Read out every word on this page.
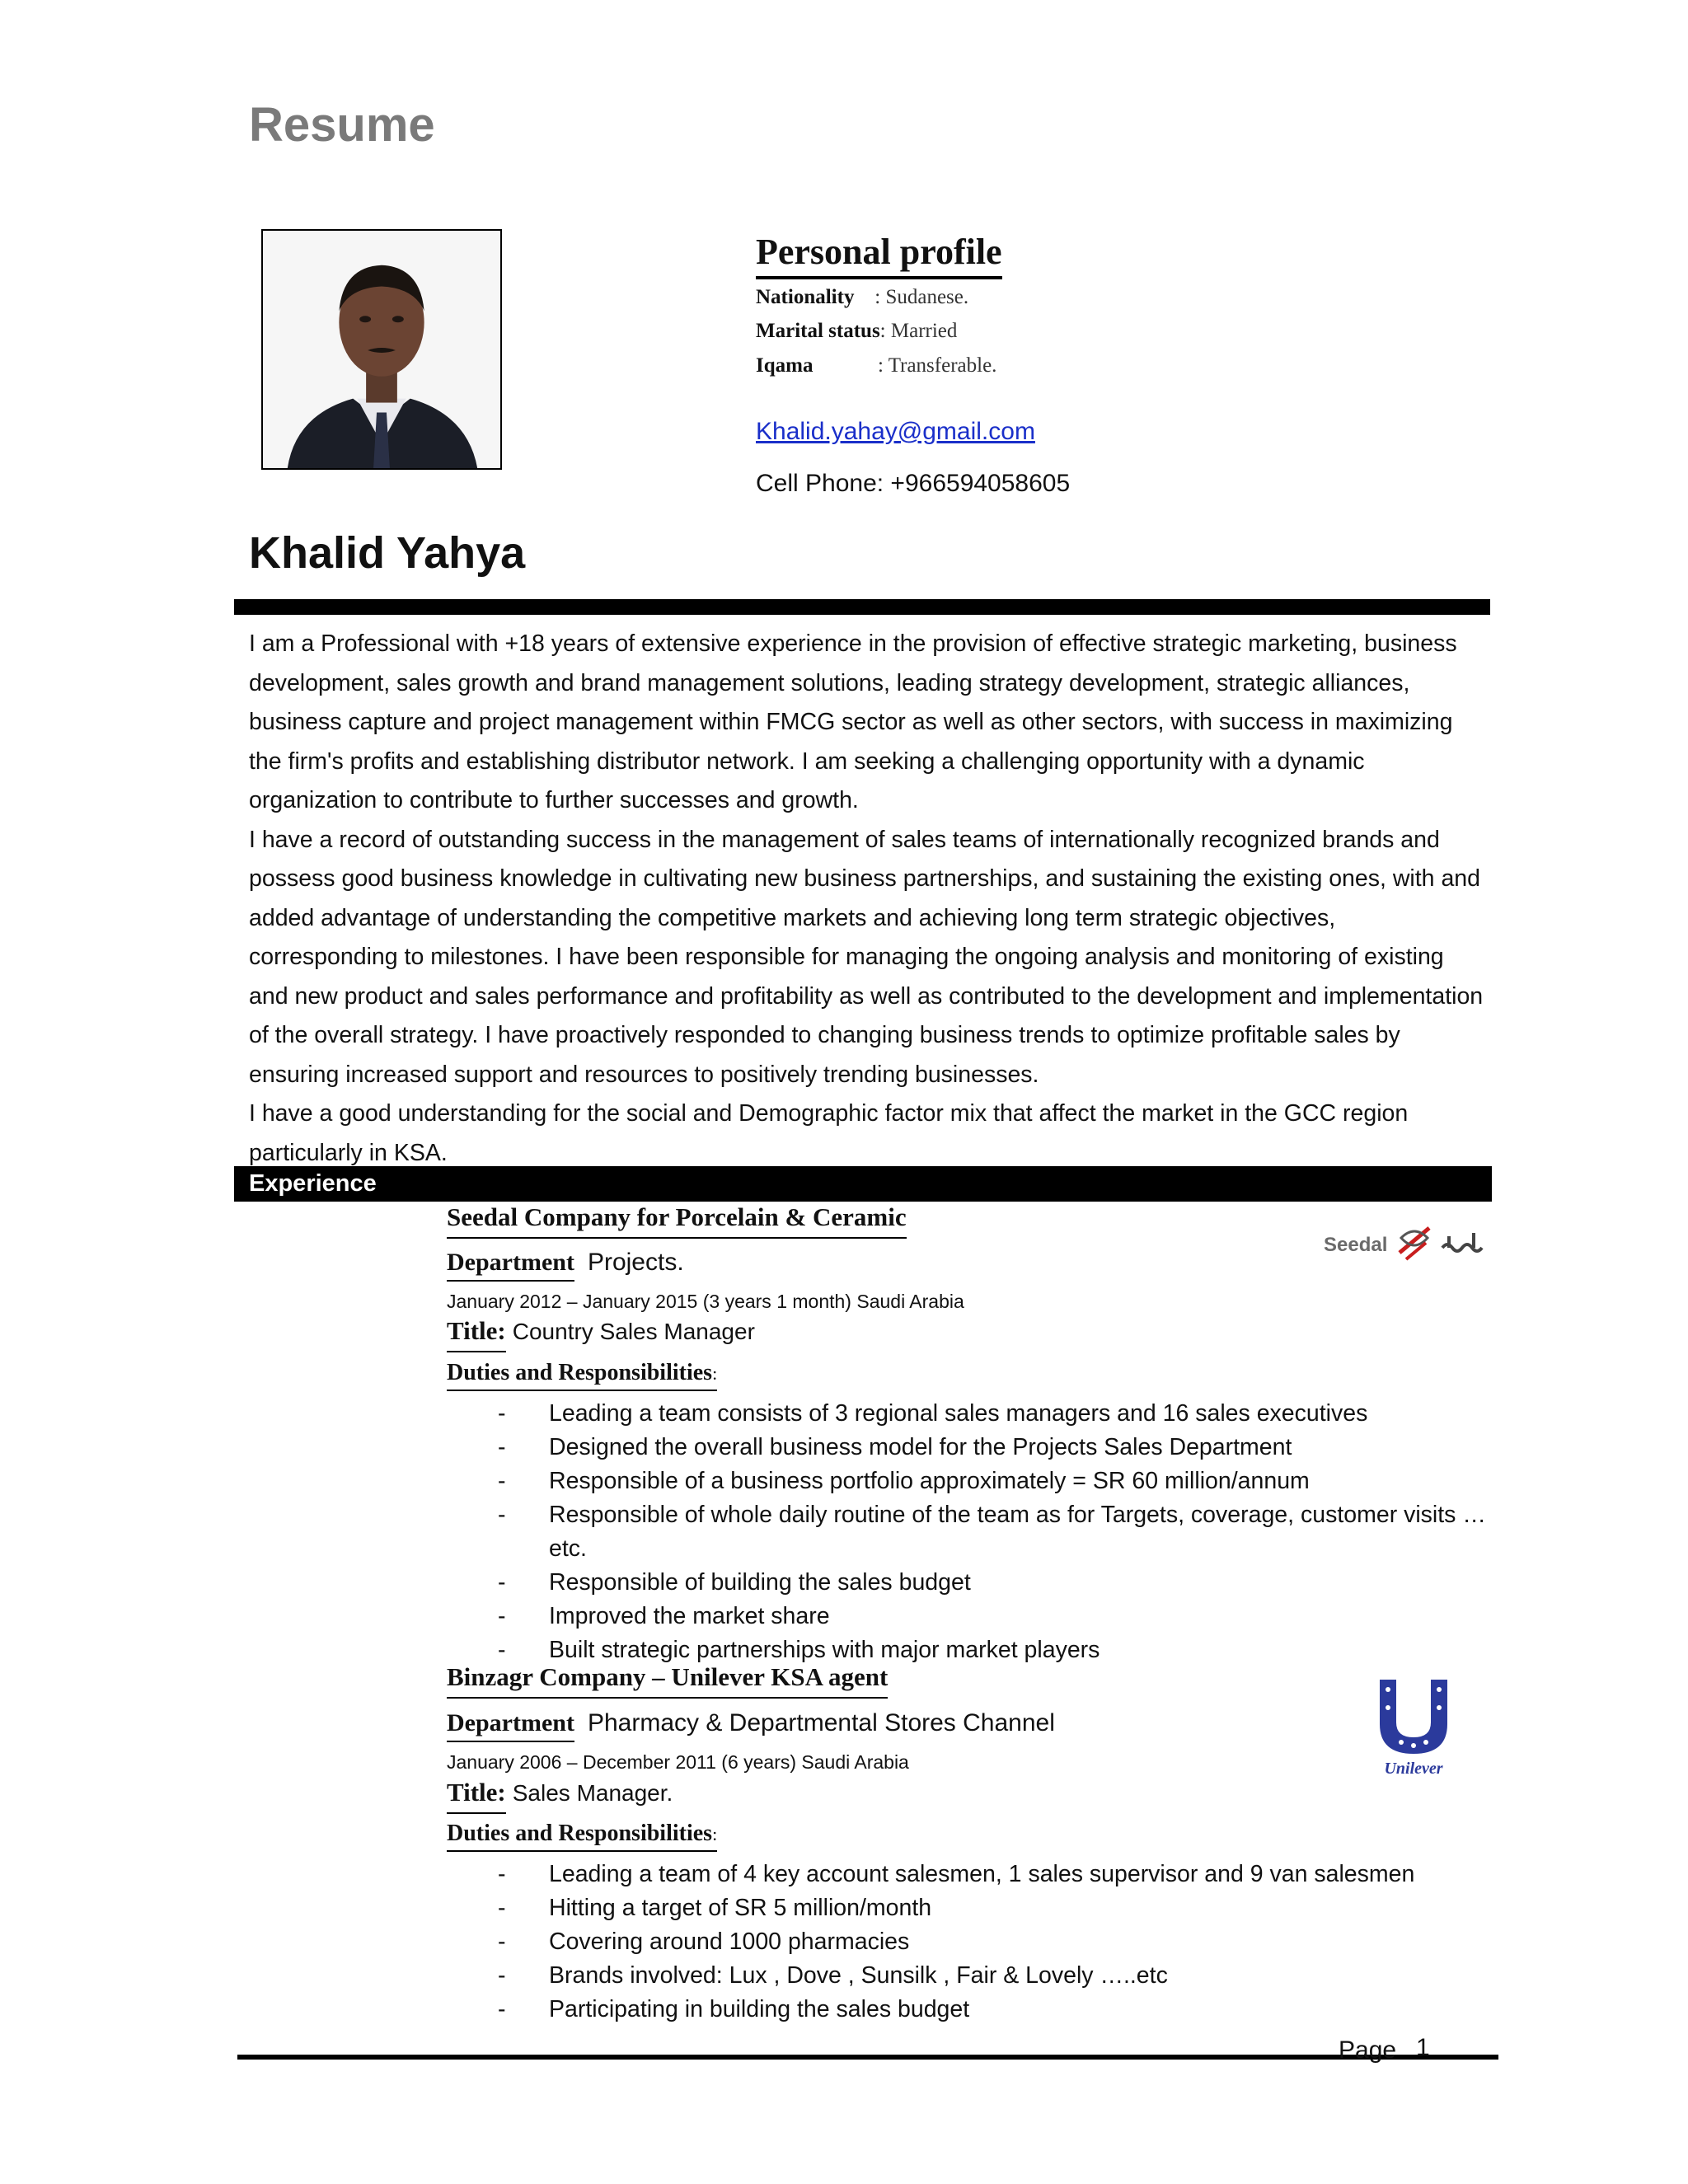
Resume
Personal profile
Nationality : Sudanese.
Marital status: Married
Iqama	: Transferable.
Khalid.yahay@gmail.com
Cell Phone: +966594058605
Khalid Yahya

I am a Professional with +18 years of extensive experience in the provision of effective strategic marketing, business development, sales growth and brand management solutions, leading strategy development, strategic alliances, business capture and project management within FMCG sector as well as other sectors, with success in maximizing the firm's profits and establishing distributor network. I am seeking a challenging opportunity with a dynamic organization to contribute to further successes and growth.

I have a record of outstanding success in the management of sales teams of internationally recognized brands and possess good business knowledge in cultivating new business partnerships, and sustaining the existing ones, with and added advantage of understanding the competitive markets and achieving long term strategic objectives, corresponding to milestones. I have been responsible for managing the ongoing analysis and monitoring of existing and new product and sales performance and profitability as well as contributed to the development and implementation of the overall strategy. I have proactively responded to changing business trends to optimize profitable sales by ensuring increased support and resources to positively trending businesses.

I have a good understanding for the social and Demographic factor mix that affect the market in the GCC region particularly in KSA.

Experience
Seedal Company for Porcelain & Ceramic
Department Projects.
January 2012 – January 2015 (3 years 1 month) Saudi Arabia
Title: Country Sales Manager
Duties and Responsibilities:
- Leading a team consists of 3 regional sales managers and 16 sales executives
- Designed the overall business model for the Projects Sales Department
- Responsible of a business portfolio approximately = SR 60 million/annum
- Responsible of whole daily routine of the team as for Targets, coverage, customer visits … etc.
- Responsible of building the sales budget
- Improved the market share
- Built strategic partnerships with major market players
Seedal
Binzagr Company – Unilever KSA agent
Department Pharmacy & Departmental Stores Channel
January 2006 – December 2011 (6 years) Saudi Arabia
Title: Sales Manager.
Duties and Responsibilities:
- Leading a team of 4 key account salesmen, 1 sales supervisor and 9 van salesmen
- Hitting a target of SR 5 million/month
- Covering around 1000 pharmacies
- Brands involved: Lux , Dove , Sunsilk , Fair & Lovely …..etc
- Participating in building the sales budget
Unilever
Page 1
